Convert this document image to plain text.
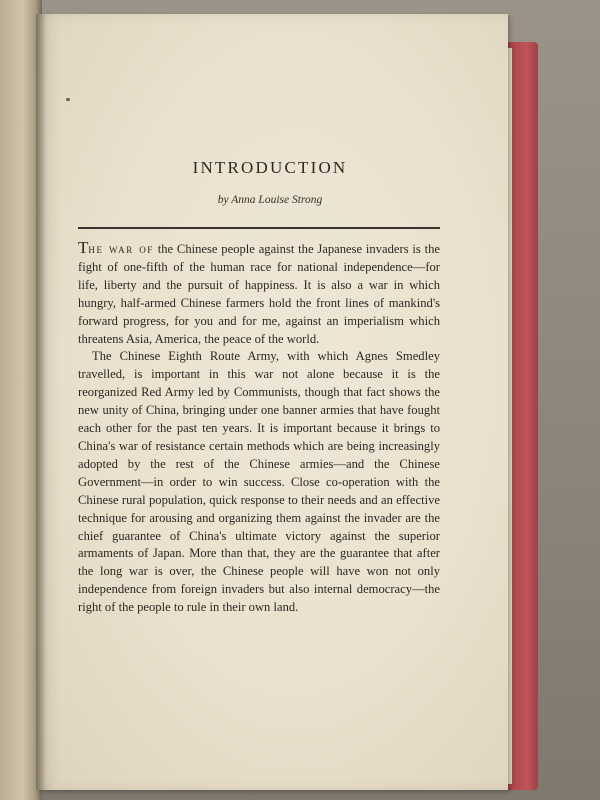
INTRODUCTION

by Anna Louise Strong

The war of the Chinese people against the Japanese invaders is the fight of one-fifth of the human race for national independence—for life, liberty and the pursuit of happiness. It is also a war in which hungry, half-armed Chinese farmers hold the front lines of mankind's forward progress, for you and for me, against an imperialism which threatens Asia, America, the peace of the world.

The Chinese Eighth Route Army, with which Agnes Smedley travelled, is important in this war not alone because it is the reorganized Red Army led by Communists, though that fact shows the new unity of China, bringing under one banner armies that have fought each other for the past ten years. It is important because it brings to China's war of resistance certain methods which are being increasingly adopted by the rest of the Chinese armies—and the Chinese Government—in order to win success. Close co-operation with the Chinese rural population, quick response to their needs and an effective technique for arousing and organizing them against the invader are the chief guarantee of China's ultimate victory against the superior armaments of Japan. More than that, they are the guarantee that after the long war is over, the Chinese people will have won not only independence from foreign invaders but also internal democracy—the right of the people to rule in their own land.
